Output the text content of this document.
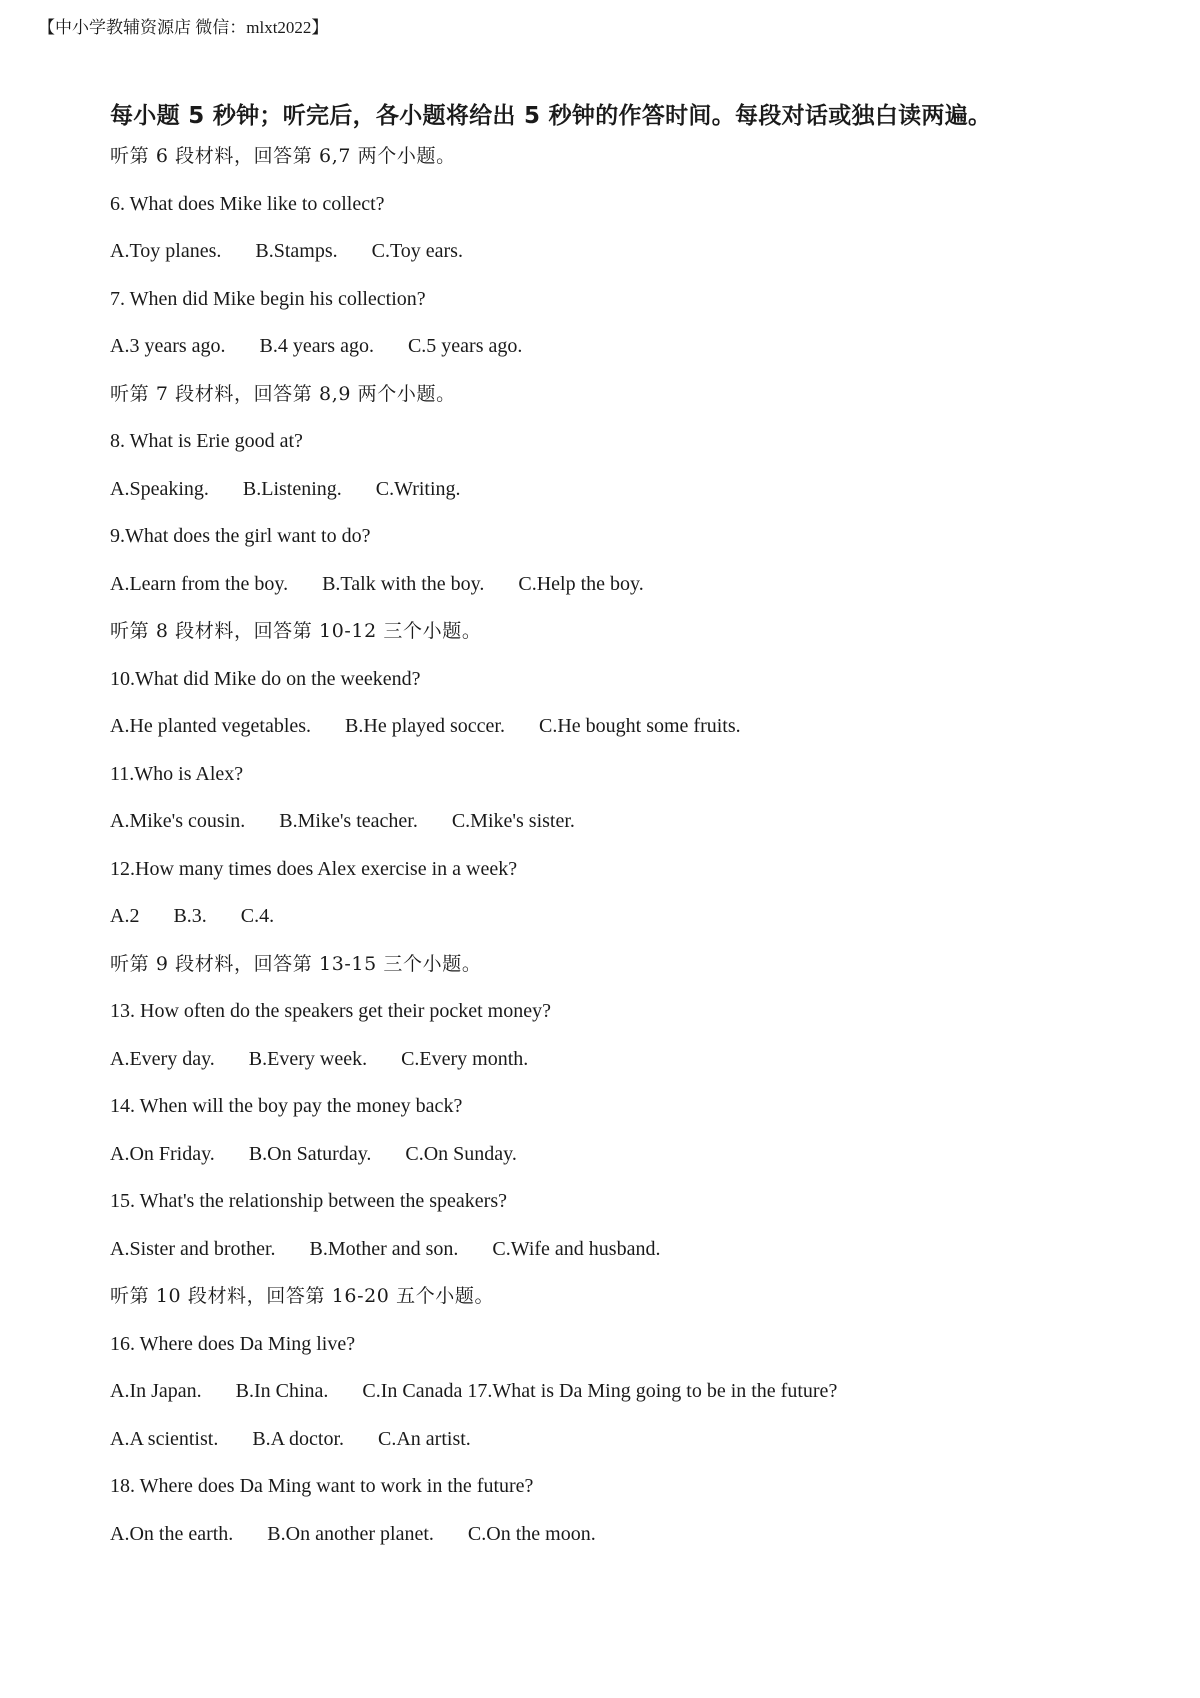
【中小学教辅资源店 微信：mlxt2022】
每小题 5 秒钟；听完后，各小题将给出 5 秒钟的作答时间。每段对话或独白读两遍。
听第 6 段材料，回答第 6,7 两个小题。
6. What does Mike like to collect?
A.Toy planes. B.Stamps. C.Toy ears.
7. When did Mike begin his collection?
A.3 years ago. B.4 years ago. C.5 years ago.
听第 7 段材料，回答第 8,9 两个小题。
8. What is Erie good at?
A.Speaking. B.Listening. C.Writing.
9.What does the girl want to do?
A.Learn from the boy. B.Talk with the boy. C.Help the boy.
听第 8 段材料，回答第 10-12 三个小题。
10.What did Mike do on the weekend?
A.He planted vegetables. B.He played soccer. C.He bought some fruits.
11.Who is Alex?
A.Mike's cousin. B.Mike's teacher. C.Mike's sister.
12.How many times does Alex exercise in a week?
A.2 B.3. C.4.
听第 9 段材料，回答第 13-15 三个小题。
13. How often do the speakers get their pocket money?
A.Every day. B.Every week. C.Every month.
14. When will the boy pay the money back?
A.On Friday. B.On Saturday. C.On Sunday.
15. What's the relationship between the speakers?
A.Sister and brother. B.Mother and son. C.Wife and husband.
听第 10 段材料，回答第 16-20 五个小题。
16. Where does Da Ming live?
A.In Japan. B.In China. C.In Canada 17.What is Da Ming going to be in the future?
A.A scientist. B.A doctor. C.An artist.
18. Where does Da Ming want to work in the future?
A.On the earth. B.On another planet. C.On the moon.
